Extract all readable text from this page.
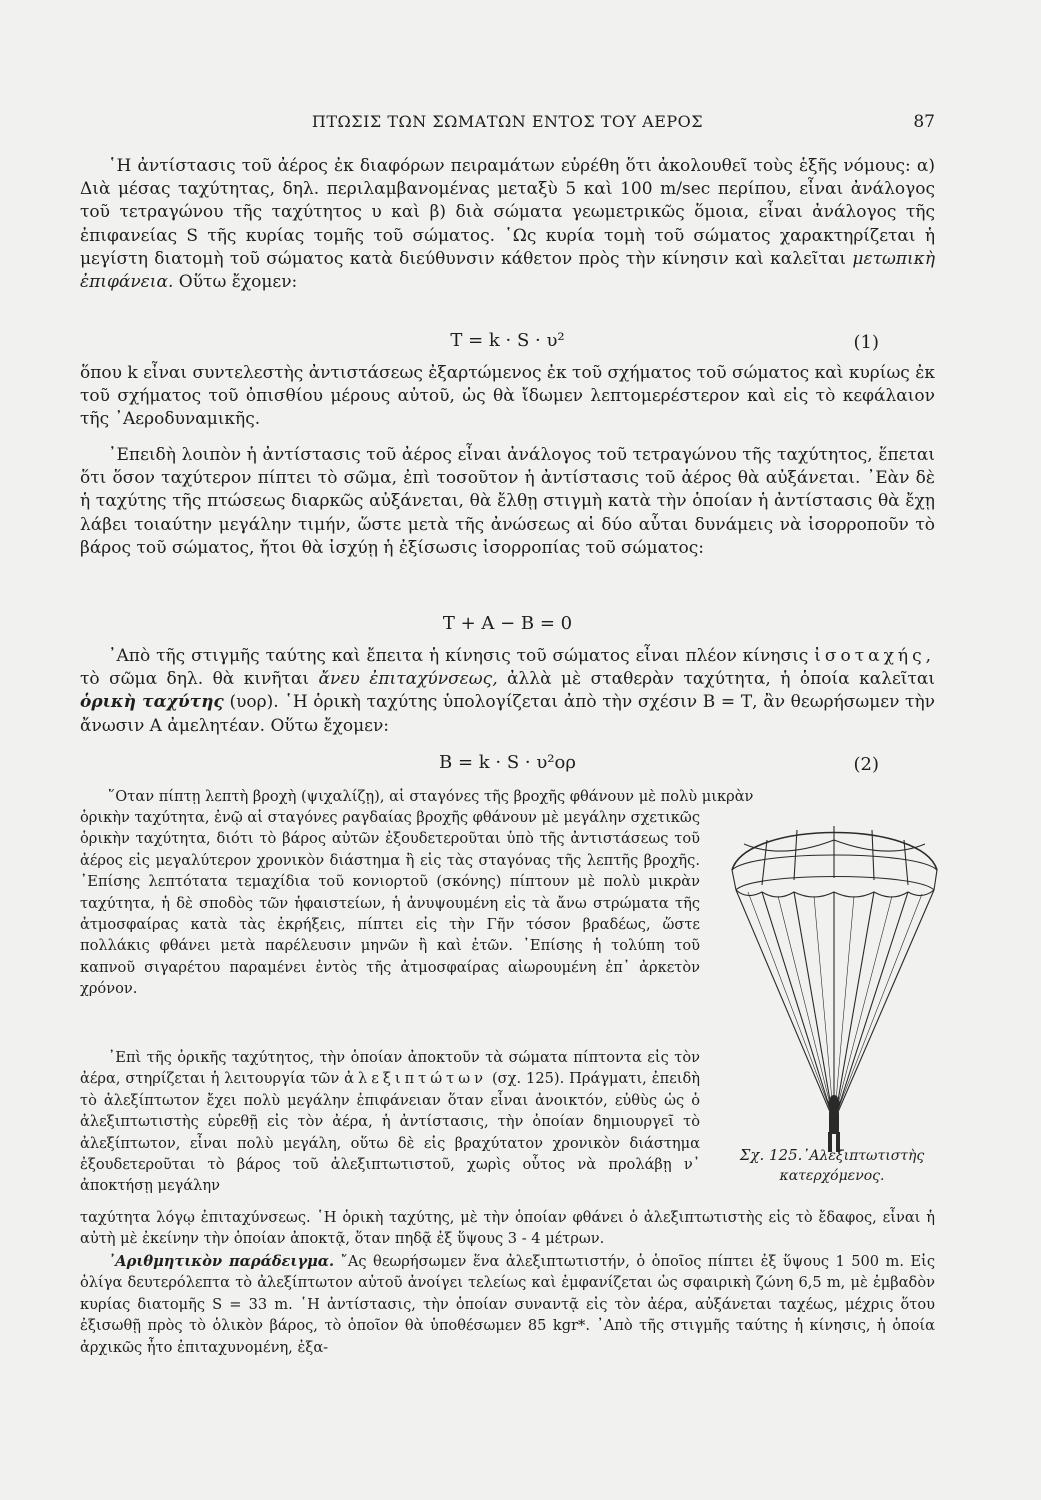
ΠΤΩΣΙΣ ΤΩΝ ΣΩΜΑΤΩΝ ΕΝΤΟΣ ΤΟΥ ΑΕΡΟΣ	87

῾Η ἀντίστασις τοῦ ἀέρος ἐκ διαφόρων πειραμάτων εὑρέθη ὅτι ἀκολουθεῖ τοὺς ἑξῆς νόμους: α) Διὰ μέσας ταχύτητας, δηλ. περιλαμβανομένας μεταξὺ 5 καὶ 100 m/sec περίπου, εἶναι ἀνάλογος τοῦ τετραγώνου τῆς ταχύτητος υ καὶ β) διὰ σώματα γεωμετρικῶς ὅμοια, εἶναι ἀνάλογος τῆς ἐπιφανείας S τῆς κυρίας τομῆς τοῦ σώματος. ῾Ως κυρία τομὴ τοῦ σώματος χαρακτηρίζεται ἡ μεγίστη διατομὴ τοῦ σώματος κατὰ διεύθυνσιν κάθετον πρὸς τὴν κίνησιν καὶ καλεῖται μετωπικὴ ἐπιφάνεια. Οὕτω ἔχομεν:

T = k · S · υ²	(1)

ὅπου k εἶναι συντελεστὴς ἀντιστάσεως ἐξαρτώμενος ἐκ τοῦ σχήματος τοῦ σώματος καὶ κυρίως ἐκ τοῦ σχήματος τοῦ ὀπισθίου μέρους αὐτοῦ, ὡς θὰ ἴδωμεν λεπτομερέστερον καὶ εἰς τὸ κεφάλαιον τῆς ᾿Αεροδυναμικῆς.

᾿Επειδὴ λοιπὸν ἡ ἀντίστασις τοῦ ἀέρος εἶναι ἀνάλογος τοῦ τετραγώνου τῆς ταχύτητος, ἕπεται ὅτι ὅσον ταχύτερον πίπτει τὸ σῶμα, ἐπὶ τοσοῦτον ἡ ἀντίστασις τοῦ ἀέρος θὰ αὐξάνεται. ᾿Εὰν δὲ ἡ ταχύτης τῆς πτώσεως διαρκῶς αὐξάνεται, θὰ ἔλθῃ στιγμὴ κατὰ τὴν ὁποίαν ἡ ἀντίστασις θὰ ἔχῃ λάβει τοιαύτην μεγάλην τιμήν, ὥστε μετὰ τῆς ἀνώσεως αἱ δύο αὗται δυνάμεις νὰ ἰσορροποῦν τὸ βάρος τοῦ σώματος, ἤτοι θὰ ἰσχύῃ ἡ ἐξίσωσις ἰσορροπίας τοῦ σώματος:

T + A − B = 0

᾿Απὸ τῆς στιγμῆς ταύτης καὶ ἔπειτα ἡ κίνησις τοῦ σώματος εἶναι πλέον κίνησις ἰσοταχής, τὸ σῶμα δηλ. θὰ κινῆται ἄνευ ἐπιταχύνσεως, ἀλλὰ μὲ σταθερὰν ταχύτητα, ἡ ὁποία καλεῖται ὁρικὴ ταχύτης (υορ). ῾Η ὁρικὴ ταχύτης ὑπολογίζεται ἀπὸ τὴν σχέσιν Β = Τ, ἂν θεωρήσωμεν τὴν ἄνωσιν Α ἀμελητέαν. Οὕτω ἔχομεν:

B = k · S · υ²ορ	(2)

῞Οταν πίπτῃ λεπτὴ βροχὴ (ψιχαλίζῃ), αἱ σταγόνες τῆς βροχῆς φθάνουν μὲ πολὺ μικρὰν

ὁρικὴν ταχύτητα, ἐνῷ αἱ σταγόνες ραγδαίας βροχῆς φθάνουν μὲ μεγάλην σχετικῶς ὁρικὴν ταχύτητα, διότι τὸ βάρος αὐτῶν ἐξουδετεροῦται ὑπὸ τῆς ἀντιστάσεως τοῦ ἀέρος εἰς μεγαλύτερον χρονικὸν διάστημα ἢ εἰς τὰς σταγόνας τῆς λεπτῆς βροχῆς. ᾿Επίσης λεπτότατα τεμαχίδια τοῦ κονιορτοῦ (σκόνης) πίπτουν μὲ πολὺ μικρὰν ταχύτητα, ἡ δὲ σποδὸς τῶν ἡφαιστείων, ἡ ἀνυψουμένη εἰς τὰ ἄνω στρώματα τῆς ἀτμοσφαίρας κατὰ τὰς ἐκρήξεις, πίπτει εἰς τὴν Γῆν τόσον βραδέως, ὥστε πολλάκις φθάνει μετὰ παρέλευσιν μηνῶν ἢ καὶ ἐτῶν. ᾿Επίσης ἡ τολύπη τοῦ καπνοῦ σιγαρέτου παραμένει ἐντὸς τῆς ἀτμοσφαίρας αἰωρουμένη ἐπ᾿ ἀρκετὸν χρόνον.

᾿Επὶ τῆς ὁρικῆς ταχύτητος, τὴν ὁποίαν ἀποκτοῦν τὰ σώματα πίπτοντα εἰς τὸν ἀέρα, στηρίζεται ἡ λειτουργία τῶν ἀλεξιπτώτων (σχ. 125). Πράγματι, ἐπειδὴ τὸ ἀλεξίπτωτον ἔχει πολὺ μεγάλην ἐπιφάνειαν ὅταν εἶναι ἀνοικτόν, εὐθὺς ὡς ὁ ἀλεξιπτωτιστὴς εὑρεθῇ εἰς τὸν ἀέρα, ἡ ἀντίστασις, τὴν ὁποίαν δημιουργεῖ τὸ ἀλεξίπτωτον, εἶναι πολὺ μεγάλη, οὕτω δὲ εἰς βραχύτατον χρονικὸν διάστημα ἐξουδετεροῦται τὸ βάρος τοῦ ἀλεξιπτωτιστοῦ, χωρὶς οὗτος νὰ προλάβῃ ν᾿ ἀποκτήσῃ μεγάλην

ταχύτητα λόγῳ ἐπιταχύνσεως. ῾Η ὁρικὴ ταχύτης, μὲ τὴν ὁποίαν φθάνει ὁ ἀλεξιπτωτιστὴς εἰς τὸ ἔδαφος, εἶναι ἡ αὐτὴ μὲ ἐκείνην τὴν ὁποίαν ἀποκτᾷ, ὅταν πηδᾷ ἐξ ὕψους 3 - 4 μέτρων.

᾿Αριθμητικὸν παράδειγμα. ῎Ας θεωρήσωμεν ἕνα ἀλεξιπτωτιστήν, ὁ ὁποῖος πίπτει ἐξ ὕψους 1 500 m. Εἰς ὀλίγα δευτερόλεπτα τὸ ἀλεξίπτωτον αὐτοῦ ἀνοίγει τελείως καὶ ἐμφανίζεται ὡς σφαιρικὴ ζώνη 6,5 m, μὲ ἐμβαδὸν κυρίας διατομῆς S = 33 m. ῾Η ἀντίστασις, τὴν ὁποίαν συναντᾷ εἰς τὸν ἀέρα, αὐξάνεται ταχέως, μέχρις ὅτου ἐξισωθῇ πρὸς τὸ ὁλικὸν βάρος, τὸ ὁποῖον θὰ ὑποθέσωμεν 85 kgr*. ᾿Απὸ τῆς στιγμῆς ταύτης ἡ κίνησις, ἡ ὁποία ἀρχικῶς ἦτο ἐπιταχυνομένη, ἐξα-

Σχ. 125.᾿Αλεξιπτωτιστὴς
κατερχόμενος.
